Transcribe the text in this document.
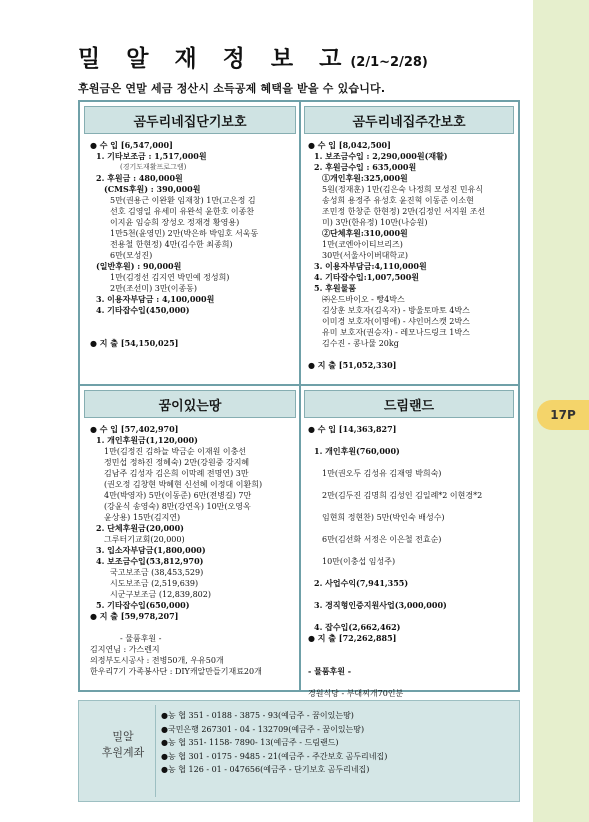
17P
밀 알 재 정 보 고(2/1~2/28)
후원금은 연말 세금 정산시 소득공제 혜택을 받을 수 있습니다.
곰두리네집단기보호	곰두리네집주간보호
꿈이있는땅	드림랜드
● 수 입 [6,547,000]
1. 기타보조금 : 1,517,000원
(경기도재활프로그램)
2. 후원금 : 480,000원
(CMS후원) : 390,000원
5만(권용근 이완환 임재창) 1만(고은정 김
선호 김영일 유세미 유완석 윤한호 이종찬
이지윤 임승희 장성오 정재경 황영용)
1만5천(윤영민) 2만(박은하 박임호 서욱동
전용철 한현정) 4만(김수한 최종희)
6만(모성진)
(일반후원) : 90,000원
1만(김정선 김지연 박민예 정성희)
2만(조선미) 3만(이종동)
3. 이용자부담금 : 4,100,000원
4. 기타잡수입(450,000)

● 지 출 [54,150,025]
● 수 입 [8,042,500]
1. 보조금수입 : 2,290,000원(재활)
2. 후원금수입 : 635,000원
①개인후원:325,000원
5원(정재훈) 1만(김은숙 나정희 모성진 민유식
송성희 용정주 유성호 윤진혁 이동준 이소현
조민정 한창준 한현정) 2만(김정인 서지원 조선
미) 3만(한유정) 10만(나승원)
②단체후원:310,000원
1만(코엔아이티브리즈)
30만(서울사이버대학교)
3. 이용자부담금:4,110,000원
4. 기타잡수입:1,007,500원
5. 후원물품
㈜온드바이오 - 빵4박스
김상훈 보호자(김옥자) - 방울토마토 4박스
이미경 보호자(이명애) - 샤인머스캣 2박스
유미 보호자(권승자) - 레모나드링크 1박스
김수진 - 콩나물 20kg

● 지 출 [51,052,330]
● 수 입 [57,402,970]
1. 개인후원금(1,120,000)
1만(김정진 김하늘 박금순 이재원 이충선
정민섭 정하진 정혜숙) 2만(강원중 강지혜
김남주 김성자 김은희 이막례 전명연) 3만
(권오정 김창현 박혜현 신선혜 이정대 이환희)
4만(박영자) 5만(이동준) 6만(전병길) 7만
(강윤식 송영숙) 8만(강연옥) 10만(오영옥
윤상용) 15만(김지연)
2. 단체후원금(20,000)
그루터기교회(20,000)
3. 입소자부담금(1,800,000)
4. 보조금수입(53,812,970)
국고보조금 (38,453,529)
시도보조금 (2,519,639)
시군구보조금 (12,839,802)
5. 기타잡수입(650,000)
● 지 출 [59,978,207]

- 물품후원 -
김지연님 : 가스렌지
의정부도시공사 : 전병50개, 우유50개
한우리7기 가족봉사단 : DIY캐알만들기재료20개
● 수 입 [14,363,827]

1. 개인후원(760,000)

1만(권오두 김성유 김재영 박희숙)

2만(김두진 김명희 김성인 김일례*2 이현경*2

임현희 정현찬) 5만(박인숙 배성수)

6만(김선화 서정은 이은철 전효순)

10만(이충섭 임성주)

2. 사업수익(7,941,355)

3. 경직형인증지원사업(3,000,000)

4. 잡수입(2,662,462)
● 지 출 [72,262,885]

- 물품후원 -

경원식당 - 부대찌개70인분
밀알
후원계좌
●농 협 351 - 0188 - 3875 - 93(예금주 - 꿈이있는땅)
●국민은행 267301 - 04 - 132709(예금주 - 꿈이있는땅)
●농 협 351- 1158- 7890- 13(예금주 - 드림랜드)
●농 협 301 - 0175 - 9485 - 21(예금주 - 주간보호 곰두리네집)
●농 협 126 - 01 - 047656(예금주 - 단기보호 곰두리네집)
